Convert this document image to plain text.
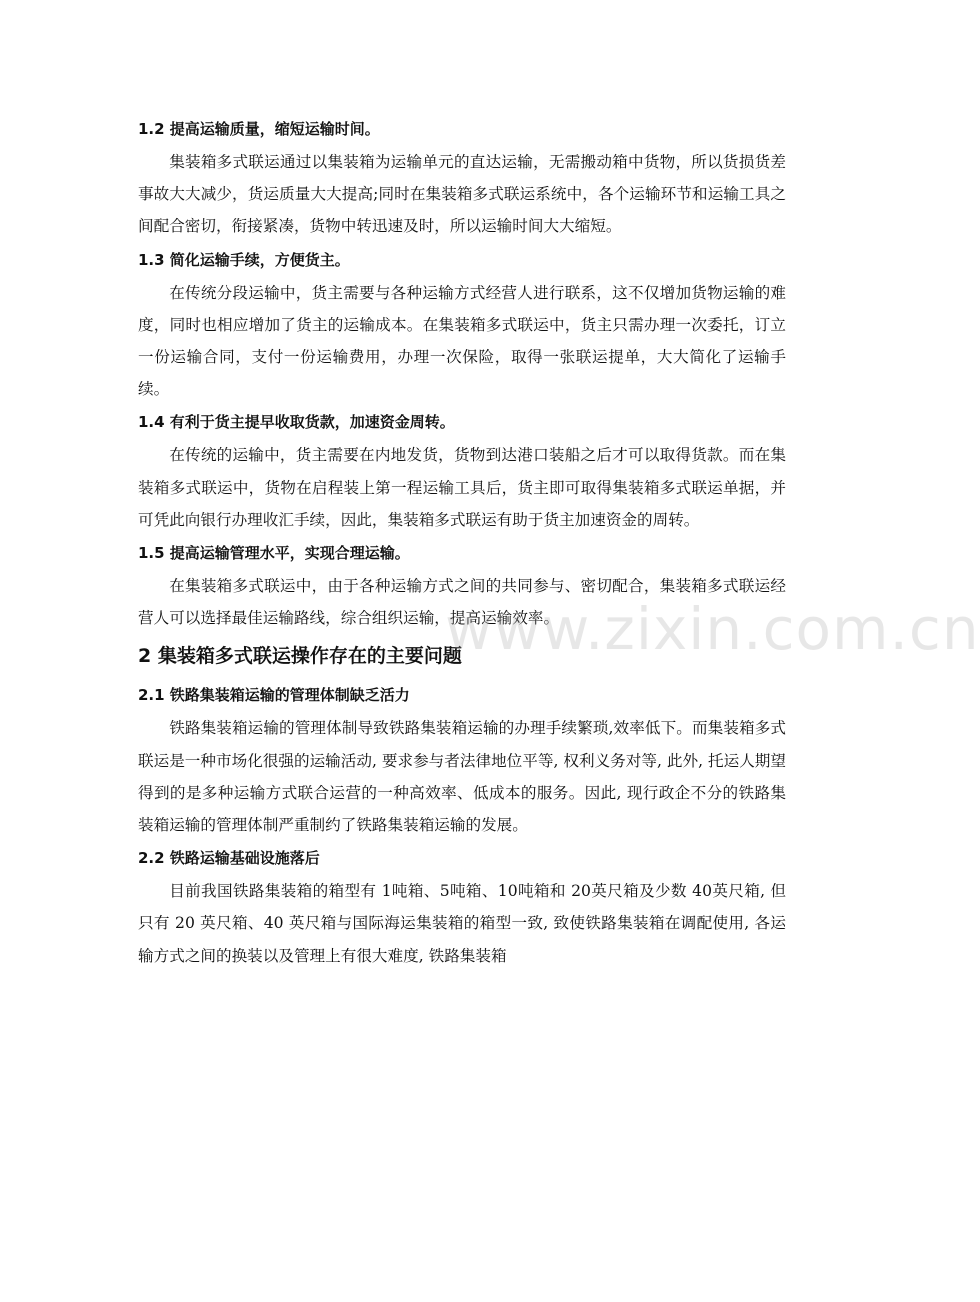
1.2 提高运输质量，缩短运输时间。

集装箱多式联运通过以集装箱为运输单元的直达运输，无需搬动箱中货物，所以货损货差事故大大减少，货运质量大大提高;同时在集装箱多式联运系统中，各个运输环节和运输工具之间配合密切，衔接紧凑，货物中转迅速及时，所以运输时间大大缩短。

1.3 简化运输手续，方便货主。

在传统分段运输中，货主需要与各种运输方式经营人进行联系，这不仅增加货物运输的难度，同时也相应增加了货主的运输成本。在集装箱多式联运中，货主只需办理一次委托，订立一份运输合同，支付一份运输费用，办理一次保险，取得一张联运提单，大大简化了运输手续。

1.4 有利于货主提早收取货款，加速资金周转。

在传统的运输中，货主需要在内地发货，货物到达港口装船之后才可以取得货款。而在集装箱多式联运中，货物在启程装上第一程运输工具后，货主即可取得集装箱多式联运单据，并可凭此向银行办理收汇手续，因此，集装箱多式联运有助于货主加速资金的周转。

1.5 提高运输管理水平，实现合理运输。

在集装箱多式联运中，由于各种运输方式之间的共同参与、密切配合，集装箱多式联运经营人可以选择最佳运输路线，综合组织运输，提高运输效率。

2 集装箱多式联运操作存在的主要问题

2.1 铁路集装箱运输的管理体制缺乏活力

铁路集装箱运输的管理体制导致铁路集装箱运输的办理手续繁琐,效率低下。而集装箱多式联运是一种市场化很强的运输活动, 要求参与者法律地位平等, 权利义务对等, 此外, 托运人期望得到的是多种运输方式联合运营的一种高效率、低成本的服务。因此, 现行政企不分的铁路集装箱运输的管理体制严重制约了铁路集装箱运输的发展。

2.2 铁路运输基础设施落后

目前我国铁路集装箱的箱型有 1吨箱、5吨箱、10吨箱和 20英尺箱及少数 40英尺箱, 但只有 20 英尺箱、40 英尺箱与国际海运集装箱的箱型一致, 致使铁路集装箱在调配使用, 各运输方式之间的换装以及管理上有很大难度, 铁路集装箱

www.zixin.com.cn
